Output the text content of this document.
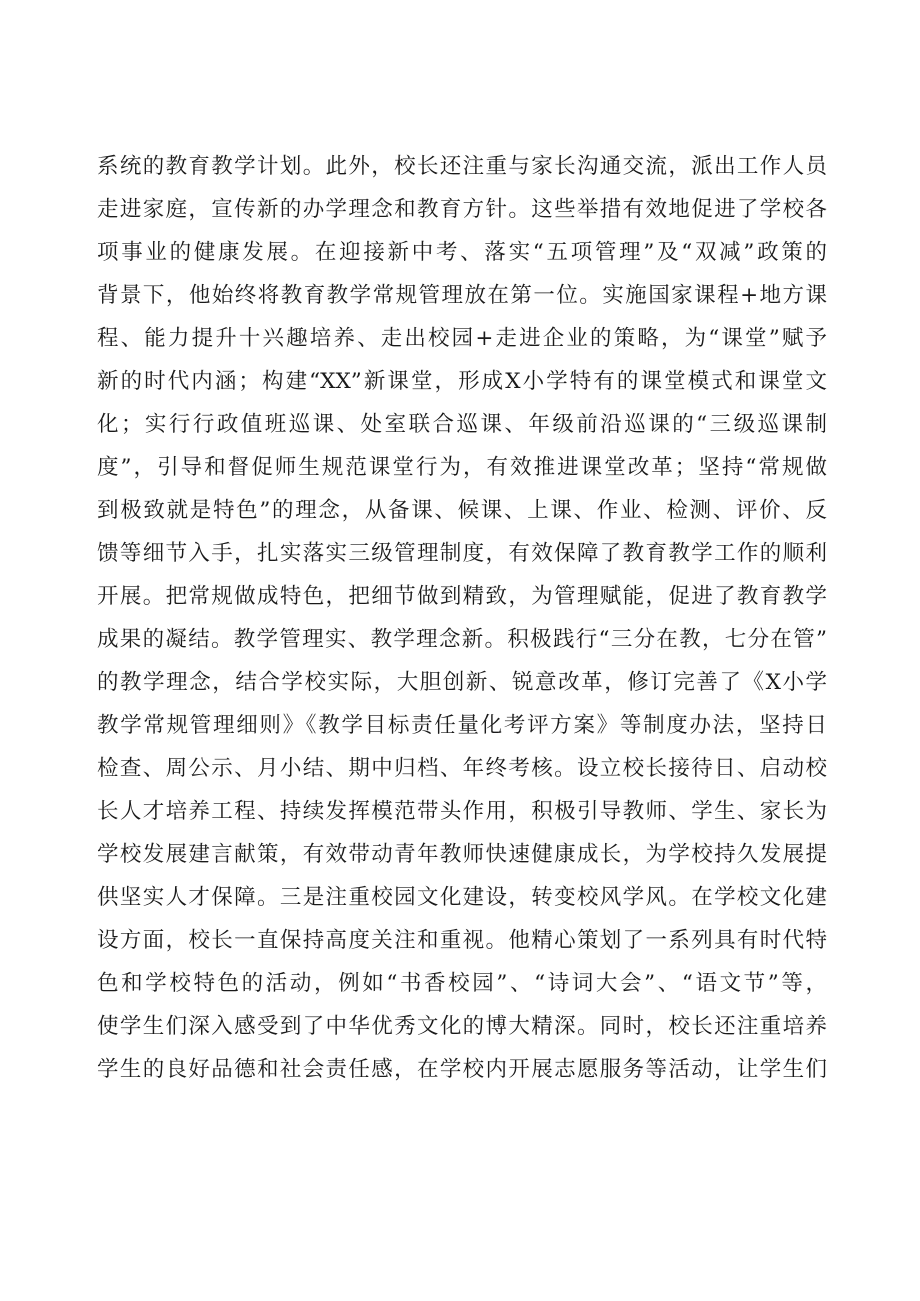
系统的教育教学计划。此外，校长还注重与家长沟通交流，派出工作人员
走进家庭，宣传新的办学理念和教育方针。这些举措有效地促进了学校各
项事业的健康发展。在迎接新中考、落实“五项管理”及“双减”政策的
背景下，他始终将教育教学常规管理放在第一位。实施国家课程+地方课
程、能力提升十兴趣培养、走出校园+走进企业的策略，为“课堂”赋予
新的时代内涵；构建“XX”新课堂，形成X小学特有的课堂模式和课堂文
化；实行行政值班巡课、处室联合巡课、年级前沿巡课的“三级巡课制
度”，引导和督促师生规范课堂行为，有效推进课堂改革；坚持“常规做
到极致就是特色”的理念，从备课、候课、上课、作业、检测、评价、反
馈等细节入手，扎实落实三级管理制度，有效保障了教育教学工作的顺利
开展。把常规做成特色，把细节做到精致，为管理赋能，促进了教育教学
成果的凝结。教学管理实、教学理念新。积极践行“三分在教，七分在管”
的教学理念，结合学校实际，大胆创新、锐意改革，修订完善了《X小学
教学常规管理细则》《教学目标责任量化考评方案》等制度办法，坚持日
检查、周公示、月小结、期中归档、年终考核。设立校长接待日、启动校
长人才培养工程、持续发挥模范带头作用，积极引导教师、学生、家长为
学校发展建言献策，有效带动青年教师快速健康成长，为学校持久发展提
供坚实人才保障。三是注重校园文化建设，转变校风学风。在学校文化建
设方面，校长一直保持高度关注和重视。他精心策划了一系列具有时代特
色和学校特色的活动，例如“书香校园”、“诗词大会”、“语文节”等，
使学生们深入感受到了中华优秀文化的博大精深。同时，校长还注重培养
学生的良好品德和社会责任感，在学校内开展志愿服务等活动，让学生们
